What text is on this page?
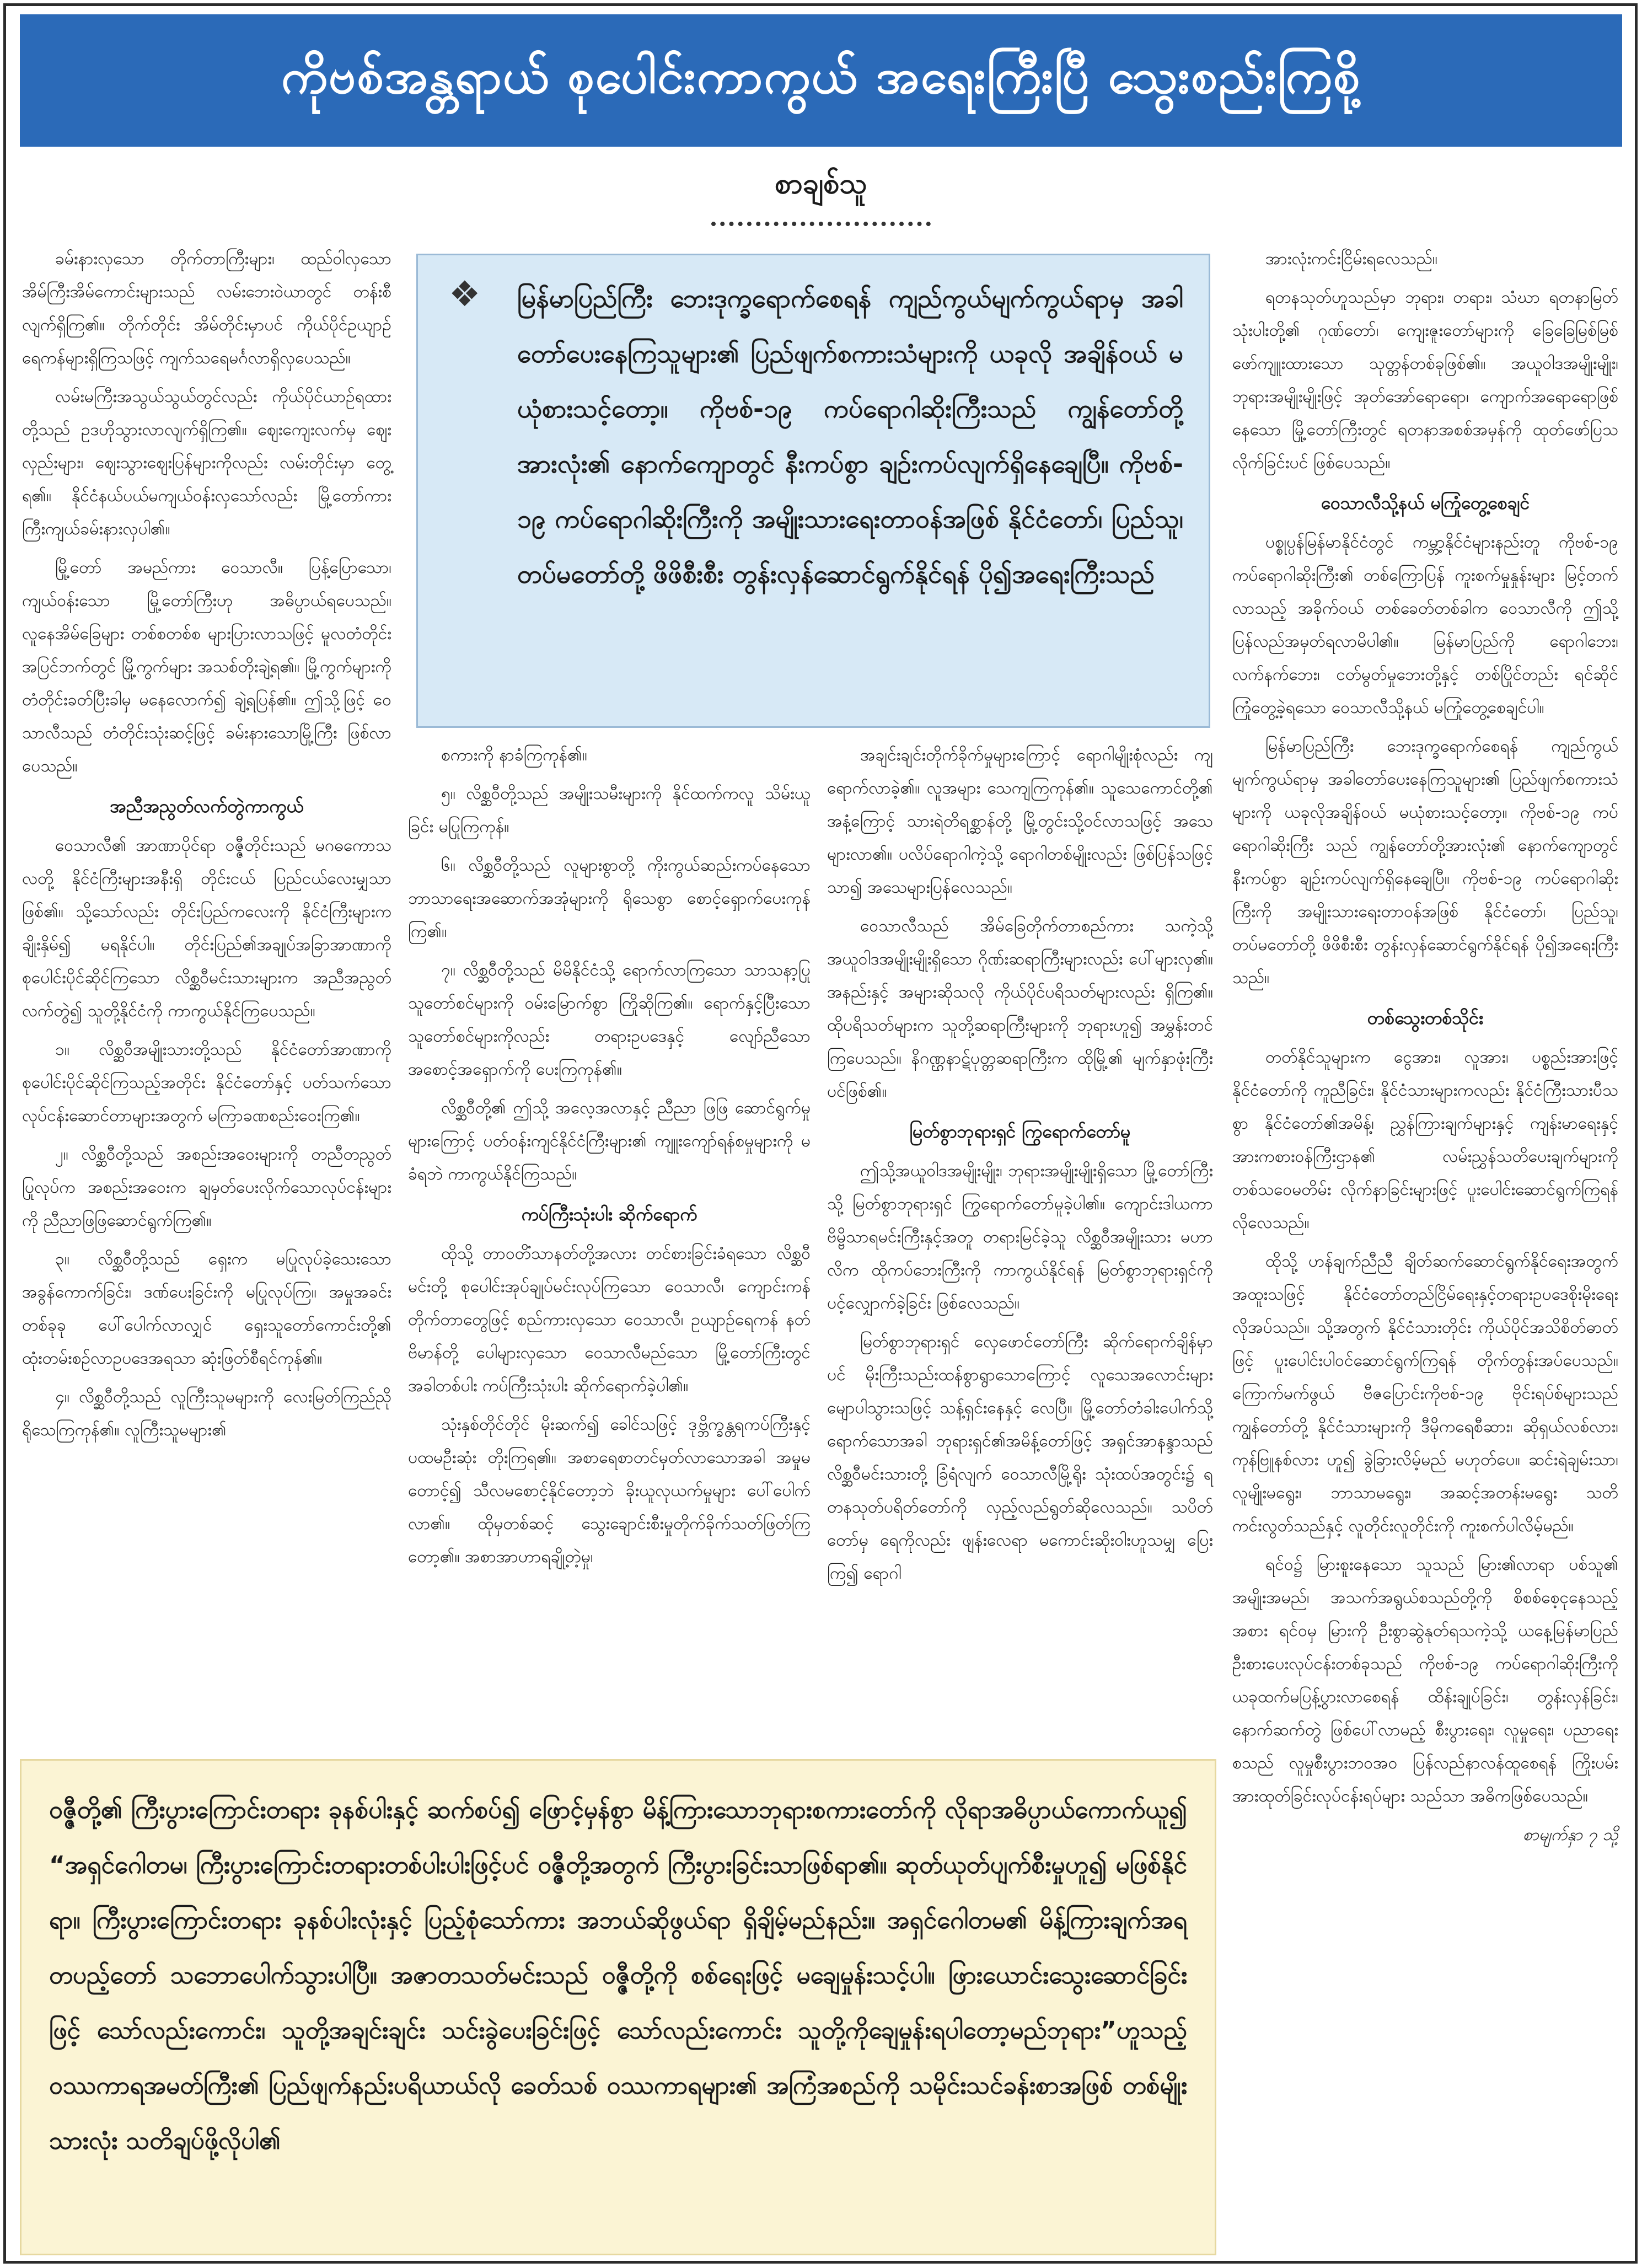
ကိုဗစ်အန္တရာယ် စုပေါင်းကာကွယ် အရေးကြီးပြီ သွေးစည်းကြစို့
စာချစ်သူ

ခမ်းနားလှသော တိုက်တာကြီးများ၊ ထည်ဝါလှသော အိမ်ကြီးအိမ်ကောင်းများသည် လမ်းဘေးဝဲယာတွင် တန်းစီလျက်ရှိကြ၏။ တိုက်တိုင်း အိမ်တိုင်းမှာပင် ကိုယ်ပိုင်ဥယျာဉ် ရေကန်များရှိကြသဖြင့် ကျက်သရေမင်္ဂလာရှိလှပေသည်။

လမ်းမကြီးအသွယ်သွယ်တွင်လည်း ကိုယ်ပိုင်ယာဉ်ရထားတို့သည် ဥဒဟိုသွားလာလျက်ရှိကြ၏။ ဈေးကျေးလက်မှ ဈေးလှည်းများ၊ ဈေးသွားဈေးပြန်များကိုလည်း လမ်းတိုင်းမှာ တွေ့ရ၏။ နိုင်ငံနယ်ပယ်မကျယ်ဝန်းလှသော်လည်း မြို့တော်ကား ကြီးကျယ်ခမ်းနားလှပါ၏။

မြို့တော် အမည်ကား ဝေသာလီ။ ပြန့်ပြောသော၊ ကျယ်ဝန်းသော မြို့တော်ကြီးဟု အဓိပ္ပာယ်ရပေသည်။ လူနေအိမ်ခြေများ တစ်စတစ်စ များပြားလာသဖြင့် မူလတံတိုင်း အပြင်ဘက်တွင် မြို့ကွက်များ အသစ်တိုးချဲ့ရ၏။ မြို့ကွက်များကို တံတိုင်းခတ်ပြီးခါမှ မနေလောက်၍ ချဲ့ရပြန်၏။ ဤသို့ဖြင့် ဝေသာလီသည် တံတိုင်းသုံးဆင့်ဖြင့် ခမ်းနားသောမြို့ကြီး ဖြစ်လာပေသည်။

အညီအညွတ်လက်တွဲကာကွယ်

ဝေသာလီ၏ အာဏာပိုင်ရာ ဝဇ္ဇီတိုင်းသည် မဂဓကောသလတို့ နိုင်ငံကြီးများအနီးရှိ တိုင်းငယ် ပြည်ငယ်လေးမျှသာ ဖြစ်၏။ သို့သော်လည်း တိုင်းပြည်ကလေးကို နိုင်ငံကြီးများက ချိုးနှိမ်၍ မရနိုင်ပါ။ တိုင်းပြည်၏အချုပ်အခြာအာဏာကို စုပေါင်းပိုင်ဆိုင်ကြသော လိစ္ဆဝီမင်းသားများက အညီအညွတ်လက်တွဲ၍ သူတို့နိုင်ငံကို ကာကွယ်နိုင်ကြပေသည်။

၁။ လိစ္ဆဝီအမျိုးသားတို့သည် နိုင်ငံတော်အာဏာကို စုပေါင်းပိုင်ဆိုင်ကြသည့်အတိုင်း နိုင်ငံတော်နှင့် ပတ်သက်သော လုပ်ငန်းဆောင်တာများအတွက် မကြာခဏစည်းဝေးကြ၏။

၂။ လိစ္ဆဝီတို့သည် အစည်းအဝေးများကို တညီတညွတ်ပြုလုပ်က အစည်းအဝေးက ချမှတ်ပေးလိုက်သောလုပ်ငန်းများကို ညီညာဖြဖြဆောင်ရွက်ကြ၏။

၃။ လိစ္ဆဝီတို့သည် ရှေးက မပြုလုပ်ခဲ့သေးသော အခွန်ကောက်ခြင်း၊ ဒဏ်ပေးခြင်းကို မပြုလုပ်ကြ။ အမှုအခင်းတစ်ခုခု ပေါ်ပေါက်လာလျှင် ရှေးသူတော်ကောင်းတို့၏ ထုံးတမ်းစဉ်လာဥပဒေအရသာ ဆုံးဖြတ်စီရင်ကုန်၏။

၄။ လိစ္ဆဝီတို့သည် လူကြီးသူမများကို လေးမြတ်ကြည်ညိုရိုသေကြကုန်၏။ လူကြီးသူမများ၏

❖ မြန်မာပြည်ကြီး ဘေးဒုက္ခရောက်စေရန် ကျည်ကွယ်မျက်ကွယ်ရာမှ အခါတော်ပေးနေကြသူများ၏ ပြည်ဖျက်စကားသံများကို ယခုလို အချိန်ဝယ် မယုံစားသင့်တော့။ ကိုဗစ်-၁၉ ကပ်ရောဂါဆိုးကြီးသည် ကျွန်တော်တို့အားလုံး၏ နောက်ကျောတွင် နီးကပ်စွာ ချဉ်းကပ်လျက်ရှိနေချေပြီ။ ကိုဗစ်- ၁၉ ကပ်ရောဂါဆိုးကြီးကို အမျိုးသားရေးတာဝန်အဖြစ် နိုင်ငံတော်၊ ပြည်သူ၊ တပ်မတော်တို့ ဖိဖိစီးစီး တွန်းလှန်ဆောင်ရွက်နိုင်ရန် ပို၍အရေးကြီးသည်

စကားကို နာခံကြကုန်၏။

၅။ လိစ္ဆဝီတို့သည် အမျိုးသမီးများကို နိုင်ထက်ကလူ သိမ်းယူခြင်း မပြုကြကုန်။

၆။ လိစ္ဆဝီတို့သည် လူများစွာတို့ ကိုးကွယ်ဆည်းကပ်နေသော ဘာသာရေးအဆောက်အအုံများကို ရိုသေစွာ စောင့်ရှောက်ပေးကုန်ကြ၏။

၇။ လိစ္ဆဝီတို့သည် မိမိနိုင်ငံသို့ ရောက်လာကြသော သာသနာ့ပြုသူတော်စင်များကို ဝမ်းမြောက်စွာ ကြိုဆိုကြ၏။ ရောက်နှင့်ပြီးသော သူတော်စင်များကိုလည်း တရားဥပဒေနှင့် လျော်ညီသော အစောင့်အရှောက်ကို ပေးကြကုန်၏။

လိစ္ဆဝီတို့၏ ဤသို့ အလေ့အလာနှင့် ညီညာ ဖြဖြ ဆောင်ရွက်မှုများကြောင့် ပတ်ဝန်းကျင်နိုင်ငံကြီးများ၏ ကျူးကျော်ရန်စမှုများကို မခံရဘဲ ကာကွယ်နိုင်ကြသည်။

ကပ်ကြီးသုံးပါး ဆိုက်ရောက်

ထိုသို့ တာဝတိံသာနတ်တို့အလား တင်စားခြင်းခံရသော လိစ္ဆဝီမင်းတို့ စုပေါင်းအုပ်ချုပ်မင်းလုပ်ကြသော ဝေသာလီ၊ ကျောင်းကန်တိုက်တာတွေဖြင့် စည်ကားလှသော ဝေသာလီ၊ ဥယျာဉ်ရေကန် နတ်ဗိမာန်တို့ ပေါများလှသော ဝေသာလီမည်သော မြို့တော်ကြီးတွင် အခါတစ်ပါး ကပ်ကြီးသုံးပါး ဆိုက်ရောက်ခဲ့ပါ၏။

သုံးနှစ်တိုင်တိုင် မိုးဆက်၍ ခေါင်သဖြင့် ဒုဗ္ဘိက္ခန္တရကပ်ကြီးနှင့် ပထမဦးဆုံး တိုးကြရ၏။ အစာရေစာတင်မှတ်လာသောအခါ အမှုမတောင့်၍ သီလမစောင့်နိုင်တော့ဘဲ ခိုးယူလုယက်မှုများ ပေါ်ပေါက်လာ၏။ ထိုမှတစ်ဆင့် သွေးချောင်းစီးမှုတိုက်ခိုက်သတ်ဖြတ်ကြတော့၏။ အစာအာဟာရချို့တဲ့မှု၊

အချင်းချင်းတိုက်ခိုက်မှုများကြောင့် ရောဂါမျိုးစုံလည်း ကျရောက်လာခဲ့၏။ လူအများ သေကျကြကုန်၏။ သူသေကောင်တို့၏ အနံ့ကြောင့် သားရဲတိရစ္ဆာန်တို့ မြို့တွင်းသို့ဝင်လာသဖြင့် အသေများလာ၏။ ပလိပ်ရောဂါကဲ့သို့ ရောဂါတစ်မျိုးလည်း ဖြစ်ပြန်သဖြင့် သာ၍ အသေများပြန်လေသည်။

ဝေသာလီသည် အိမ်ခြေတိုက်တာစည်ကား သကဲ့သို့ အယူဝါဒအမျိုးမျိုးရှိသော ဂိုဏ်းဆရာကြီးများလည်း ပေါ်များလှ၏။ အနည်းနှင့် အများဆိုသလို ကိုယ်ပိုင်ပရိသတ်များလည်း ရှိကြ၏။ ထိုပရိသတ်များက သူတို့ဆရာကြီးများကို ဘုရားဟူ၍ အမွှန်းတင်ကြပေသည်။ နိဂဏ္ဌနာဋ်ပုတ္တဆရာကြီးက ထိုမြို့၏ မျက်နှာဖုံးကြီးပင်ဖြစ်၏။

မြတ်စွာဘုရားရှင် ကြွရောက်တော်မူ

ဤသို့အယူဝါဒအမျိုးမျိုး၊ ဘုရားအမျိုးမျိုးရှိသော မြို့တော်ကြီးသို့ မြတ်စွာဘုရားရှင် ကြွရောက်တော်မူခဲ့ပါ၏။ ကျောင်းဒါယကာ ဗိမ္ဗိသာရမင်းကြီးနှင့်အတူ တရားမြင်ခဲ့သူ လိစ္ဆဝီအမျိုးသား မဟာလိက ထိုကပ်ဘေးကြီးကို ကာကွယ်နိုင်ရန် မြတ်စွာဘုရားရှင်ကို ပင့်လျှောက်ခဲ့ခြင်း ဖြစ်လေသည်။

မြတ်စွာဘုရားရှင် လှေဖောင်တော်ကြီး ဆိုက်ရောက်ချိန်မှာပင် မိုးကြီးသည်းထန်စွာရွာသောကြောင့် လူသေအလောင်းများ မျောပါသွားသဖြင့် သန့်ရှင်းနေနှင့် လေပြီ။ မြို့တော်တံခါးပေါက်သို့ ရောက်သောအခါ ဘုရားရှင်၏အမိန့်တော်ဖြင့် အရှင်အာနန္ဒာသည် လိစ္ဆဝီမင်းသားတို့ ခြံရံလျက် ဝေသာလီမြို့ရိုး သုံးထပ်အတွင်း၌ ရတနသုတ်ပရိတ်တော်ကို လှည့်လည်ရွတ်ဆိုလေသည်။ သပိတ်တော်မှ ရေကိုလည်း ဖျန်းလေရာ မကောင်းဆိုးဝါးဟူသမျှ ပြေးကြ၍ ရောဂါ

အားလုံးကင်းငြိမ်းရလေသည်။

ရတနသုတ်ဟူသည်မှာ ဘုရား၊ တရား၊ သံဃာ ရတနာမြတ်သုံးပါးတို့၏ ဂုဏ်တော်၊ ကျေးဇူးတော်များကို ခြေခြေမြစ်မြစ်ဖော်ကျူးထားသော သုတ္တန်တစ်ခုဖြစ်၏။ အယူဝါဒအမျိုးမျိုး၊ ဘုရားအမျိုးမျိုးဖြင့် အုတ်အော်ရောရော၊ ကျောက်အရောရောဖြစ်နေသော မြို့တော်ကြီးတွင် ရတနာအစစ်အမှန်ကို ထုတ်ဖော်ပြသလိုက်ခြင်းပင် ဖြစ်ပေသည်။

ဝေသာလီသို့နယ် မကြုံတွေ့စေချင်

ပစ္စုပ္ပန်မြန်မာနိုင်ငံတွင် ကမ္ဘာ့နိုင်ငံများနည်းတူ ကိုဗစ်-၁၉ ကပ်ရောဂါဆိုးကြီး၏ တစ်ကြောပြန် ကူးစက်မှုနှုန်းများ မြင့်တက်လာသည့် အခိုက်ဝယ် တစ်ခေတ်တစ်ခါက ဝေသာလီကို ဤသို့ ပြန်လည်အမှတ်ရလာမိပါ၏။ မြန်မာပြည်ကို ရောဂါဘေး၊ လက်နက်ဘေး၊ ငတ်မွတ်မှုဘေးတို့နှင့် တစ်ပြိုင်တည်း ရင်ဆိုင်ကြုံတွေ့ခဲ့ရသော ဝေသာလီသို့နယ် မကြုံတွေ့စေချင်ပါ။

မြန်မာပြည်ကြီး ဘေးဒုက္ခရောက်စေရန် ကျည်ကွယ်မျက်ကွယ်ရာမှ အခါတော်ပေးနေကြသူများ၏ ပြည်ဖျက်စကားသံများကို ယခုလိုအချိန်ဝယ် မယုံစားသင့်တော့။ ကိုဗစ်-၁၉ ကပ်ရောဂါဆိုးကြီး သည် ကျွန်တော်တို့အားလုံး၏ နောက်ကျောတွင် နီးကပ်စွာ ချဉ်းကပ်လျက်ရှိနေချေပြီ။ ကိုဗစ်-၁၉ ကပ်ရောဂါဆိုးကြီးကို အမျိုးသားရေးတာဝန်အဖြစ် နိုင်ငံတော်၊ ပြည်သူ၊ တပ်မတော်တို့ ဖိဖိစီးစီး တွန်းလှန်ဆောင်ရွက်နိုင်ရန် ပို၍အရေးကြီးသည်။

တစ်သွေးတစ်သိုင်း

တတ်နိုင်သူများက ငွေအား၊ လူအား၊ ပစ္စည်းအားဖြင့် နိုင်ငံတော်ကို ကူညီခြင်း၊ နိုင်ငံသားများကလည်း နိုင်ငံကြီးသားပီသစွာ နိုင်ငံတော်၏အမိန့်၊ ညွှန်ကြားချက်များနှင့် ကျန်းမာရေးနှင့် အားကစားဝန်ကြီးဌာန၏ လမ်းညွှန်သတိပေးချက်များကို တစ်သဝေမတိမ်း လိုက်နာခြင်းများဖြင့် ပူးပေါင်းဆောင်ရွက်ကြရန် လိုလေသည်။

ထိုသို့ ဟန်ချက်ညီညီ ချိတ်ဆက်ဆောင်ရွက်နိုင်ရေးအတွက် အထူးသဖြင့် နိုင်ငံတော်တည်ငြိမ်ရေးနှင့်တရားဥပဒေစိုးမိုးရေး လိုအပ်သည်။ သို့အတွက် နိုင်ငံသားတိုင်း ကိုယ်ပိုင်အသိစိတ်ဓာတ်ဖြင့် ပူးပေါင်းပါဝင်ဆောင်ရွက်ကြရန် တိုက်တွန်းအပ်ပေသည်။ ကြောက်မက်ဖွယ် ဗီဇပြောင်းကိုဗစ်-၁၉ ဗိုင်းရပ်စ်များသည် ကျွန်တော်တို့ နိုင်ငံသားများကို ဒီမိုကရေစီဆား၊ ဆိုရှယ်လစ်လား၊ ကုန်ဗြူနစ်လား ဟူ၍ ခွဲခြားလိမ့်မည် မဟုတ်ပေ။ ဆင်းရဲချမ်းသာ၊ လူမျိုးမရွေး၊ ဘာသာမရွေး၊ အဆင့်အတန်းမရွေး သတိကင်းလွတ်သည်နှင့် လူတိုင်းလူတိုင်းကို ကူးစက်ပါလိမ့်မည်။

ရင်ဝ၌ မြားစူးနေသော သူသည် မြား၏လာရာ ပစ်သူ၏ အမျိုးအမည်၊ အသက်အရွယ်စသည်တို့ကို စိစစ်စေ့ငုနေသည့်အစား ရင်ဝမှ မြားကို ဦးစွာဆွဲနုတ်ရသကဲ့သို့ ယနေ့မြန်မာပြည် ဦးစားပေးလုပ်ငန်းတစ်ခုသည် ကိုဗစ်-၁၉ ကပ်ရောဂါဆိုးကြီးကို ယခုထက်မပြန့်ပွားလာစေရန် ထိန်းချုပ်ခြင်း၊ တွန်းလှန်ခြင်း၊ နောက်ဆက်တွဲ ဖြစ်ပေါ်လာမည့် စီးပွားရေး၊ လူမှုရေး၊ ပညာရေးစသည် လူမှုစီးပွားဘဝအဝ ပြန်လည်နာလန်ထူစေရန် ကြိုးပမ်းအားထုတ်ခြင်းလုပ်ငန်းရပ်များ သည်သာ အဓိကဖြစ်ပေသည်။

စာမျက်နှာ ၇ သို့

ဝဇ္ဇီတို့၏ ကြီးပွားကြောင်းတရား ခုနစ်ပါးနှင့် ဆက်စပ်၍ ဖြောင့်မှန်စွာ မိန့်ကြားသောဘုရားစကားတော်ကို လိုရာအဓိပ္ပာယ်ကောက်ယူ၍ “အရှင်ဂေါတမ၊ ကြီးပွားကြောင်းတရားတစ်ပါးပါးဖြင့်ပင် ဝဇ္ဇီတို့အတွက် ကြီးပွားခြင်းသာဖြစ်ရာ၏။ ဆုတ်ယုတ်ပျက်စီးမှုဟူ၍ မဖြစ်နိုင်ရာ။ ကြီးပွားကြောင်းတရား ခုနစ်ပါးလုံးနှင့် ပြည့်စုံသော်ကား အဘယ်ဆိုဖွယ်ရာ ရှိချိမ့်မည်နည်း။ အရှင်ဂေါတမ၏ မိန့်ကြားချက်အရ တပည့်တော် သဘောပေါက်သွားပါပြီ။ အဇာတသတ်မင်းသည် ဝဇ္ဇီတို့ကို စစ်ရေးဖြင့် မချေမှုန်းသင့်ပါ။ ဖြားယောင်းသွေးဆောင်ခြင်းဖြင့် သော်လည်းကောင်း၊ သူတို့အချင်းချင်း သင်းခွဲပေးခြင်းဖြင့် သော်လည်းကောင်း သူတို့ကိုချေမှုန်းရပါတော့မည်ဘုရား”ဟူသည့် ဝဿကာရအမတ်ကြီး၏ ပြည်ဖျက်နည်းပရိယာယ်လို ခေတ်သစ် ဝဿကာရများ၏ အကြံအစည်ကို သမိုင်းသင်ခန်းစာအဖြစ် တစ်မျိုးသားလုံး သတိချပ်ဖို့လိုပါ၏
